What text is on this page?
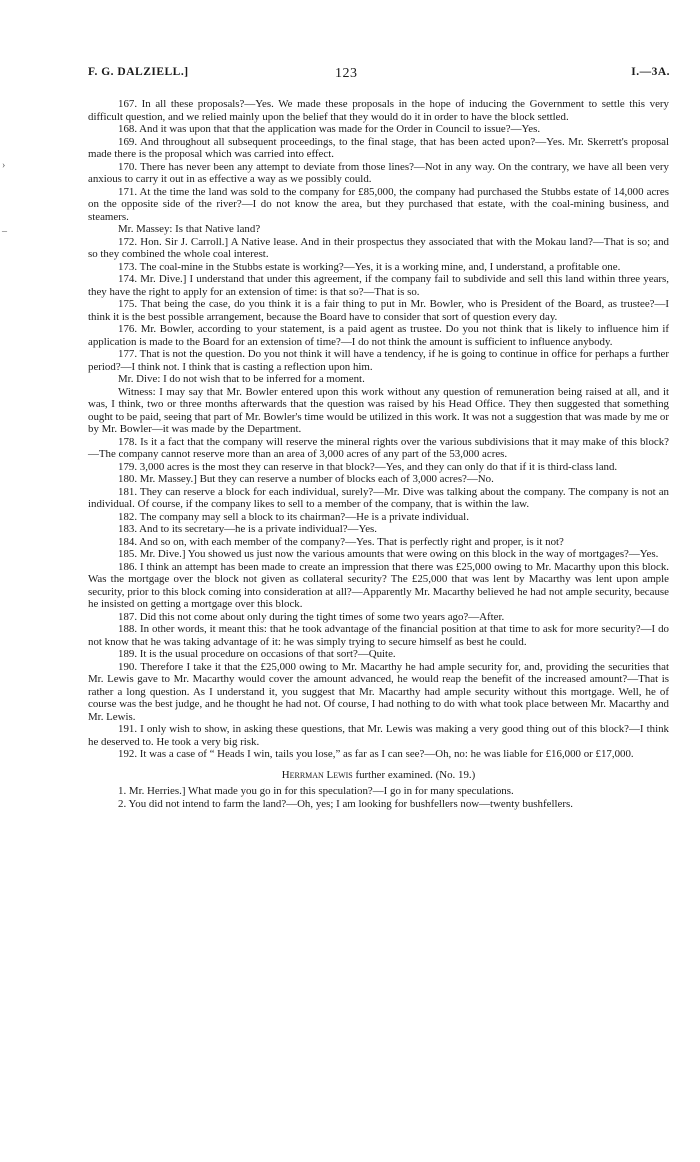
›
–
F. G. DALZIELL.]	123	I.—3A.

167. In all these proposals?—Yes. We made these proposals in the hope of inducing the Government to settle this very difficult question, and we relied mainly upon the belief that they would do it in order to have the block settled.

168. And it was upon that that the application was made for the Order in Council to issue?—Yes.

169. And throughout all subsequent proceedings, to the final stage, that has been acted upon?—Yes. Mr. Skerrett's proposal made there is the proposal which was carried into effect.

170. There has never been any attempt to deviate from those lines?—Not in any way. On the contrary, we have all been very anxious to carry it out in as effective a way as we possibly could.

171. At the time the land was sold to the company for £85,000, the company had purchased the Stubbs estate of 14,000 acres on the opposite side of the river?—I do not know the area, but they purchased that estate, with the coal-mining business, and steamers.

Mr. Massey: Is that Native land?

172. Hon. Sir J. Carroll.] A Native lease. And in their prospectus they associated that with the Mokau land?—That is so; and so they combined the whole coal interest.

173. The coal-mine in the Stubbs estate is working?—Yes, it is a working mine, and, I understand, a profitable one.

174. Mr. Dive.] I understand that under this agreement, if the company fail to subdivide and sell this land within three years, they have the right to apply for an extension of time: is that so?—That is so.

175. That being the case, do you think it is a fair thing to put in Mr. Bowler, who is President of the Board, as trustee?—I think it is the best possible arrangement, because the Board have to consider that sort of question every day.

176. Mr. Bowler, according to your statement, is a paid agent as trustee. Do you not think that is likely to influence him if application is made to the Board for an extension of time?—I do not think the amount is sufficient to influence anybody.

177. That is not the question. Do you not think it will have a tendency, if he is going to continue in office for perhaps a further period?—I think not. I think that is casting a reflection upon him.

Mr. Dive: I do not wish that to be inferred for a moment.

Witness: I may say that Mr. Bowler entered upon this work without any question of remuneration being raised at all, and it was, I think, two or three months afterwards that the question was raised by his Head Office. They then suggested that something ought to be paid, seeing that part of Mr. Bowler's time would be utilized in this work. It was not a suggestion that was made by me or by Mr. Bowler—it was made by the Department.

178. Is it a fact that the company will reserve the mineral rights over the various subdivisions that it may make of this block?—The company cannot reserve more than an area of 3,000 acres of any part of the 53,000 acres.

179. 3,000 acres is the most they can reserve in that block?—Yes, and they can only do that if it is third-class land.

180. Mr. Massey.] But they can reserve a number of blocks each of 3,000 acres?—No.

181. They can reserve a block for each individual, surely?—Mr. Dive was talking about the company. The company is not an individual. Of course, if the company likes to sell to a member of the company, that is within the law.

182. The company may sell a block to its chairman?—He is a private individual.

183. And to its secretary—he is a private individual?—Yes.

184. And so on, with each member of the company?—Yes. That is perfectly right and proper, is it not?

185. Mr. Dive.] You showed us just now the various amounts that were owing on this block in the way of mortgages?—Yes.

186. I think an attempt has been made to create an impression that there was £25,000 owing to Mr. Macarthy upon this block. Was the mortgage over the block not given as collateral security? The £25,000 that was lent by Macarthy was lent upon ample security, prior to this block coming into consideration at all?—Apparently Mr. Macarthy believed he had not ample security, because he insisted on getting a mortgage over this block.

187. Did this not come about only during the tight times of some two years ago?—After.

188. In other words, it meant this: that he took advantage of the financial position at that time to ask for more security?—I do not know that he was taking advantage of it: he was simply trying to secure himself as best he could.

189. It is the usual procedure on occasions of that sort?—Quite.

190. Therefore I take it that the £25,000 owing to Mr. Macarthy he had ample security for, and, providing the securities that Mr. Lewis gave to Mr. Macarthy would cover the amount advanced, he would reap the benefit of the increased amount?—That is rather a long question. As I understand it, you suggest that Mr. Macarthy had ample security without this mortgage. Well, he of course was the best judge, and he thought he had not. Of course, I had nothing to do with what took place between Mr. Macarthy and Mr. Lewis.

191. I only wish to show, in asking these questions, that Mr. Lewis was making a very good thing out of this block?—I think he deserved to. He took a very big risk.

192. It was a case of “ Heads I win, tails you lose,” as far as I can see?—Oh, no: he was liable for £16,000 or £17,000.

Herrman Lewis further examined. (No. 19.)

1. Mr. Herries.] What made you go in for this speculation?—I go in for many speculations.

2. You did not intend to farm the land?—Oh, yes; I am looking for bushfellers now—twenty bushfellers.
